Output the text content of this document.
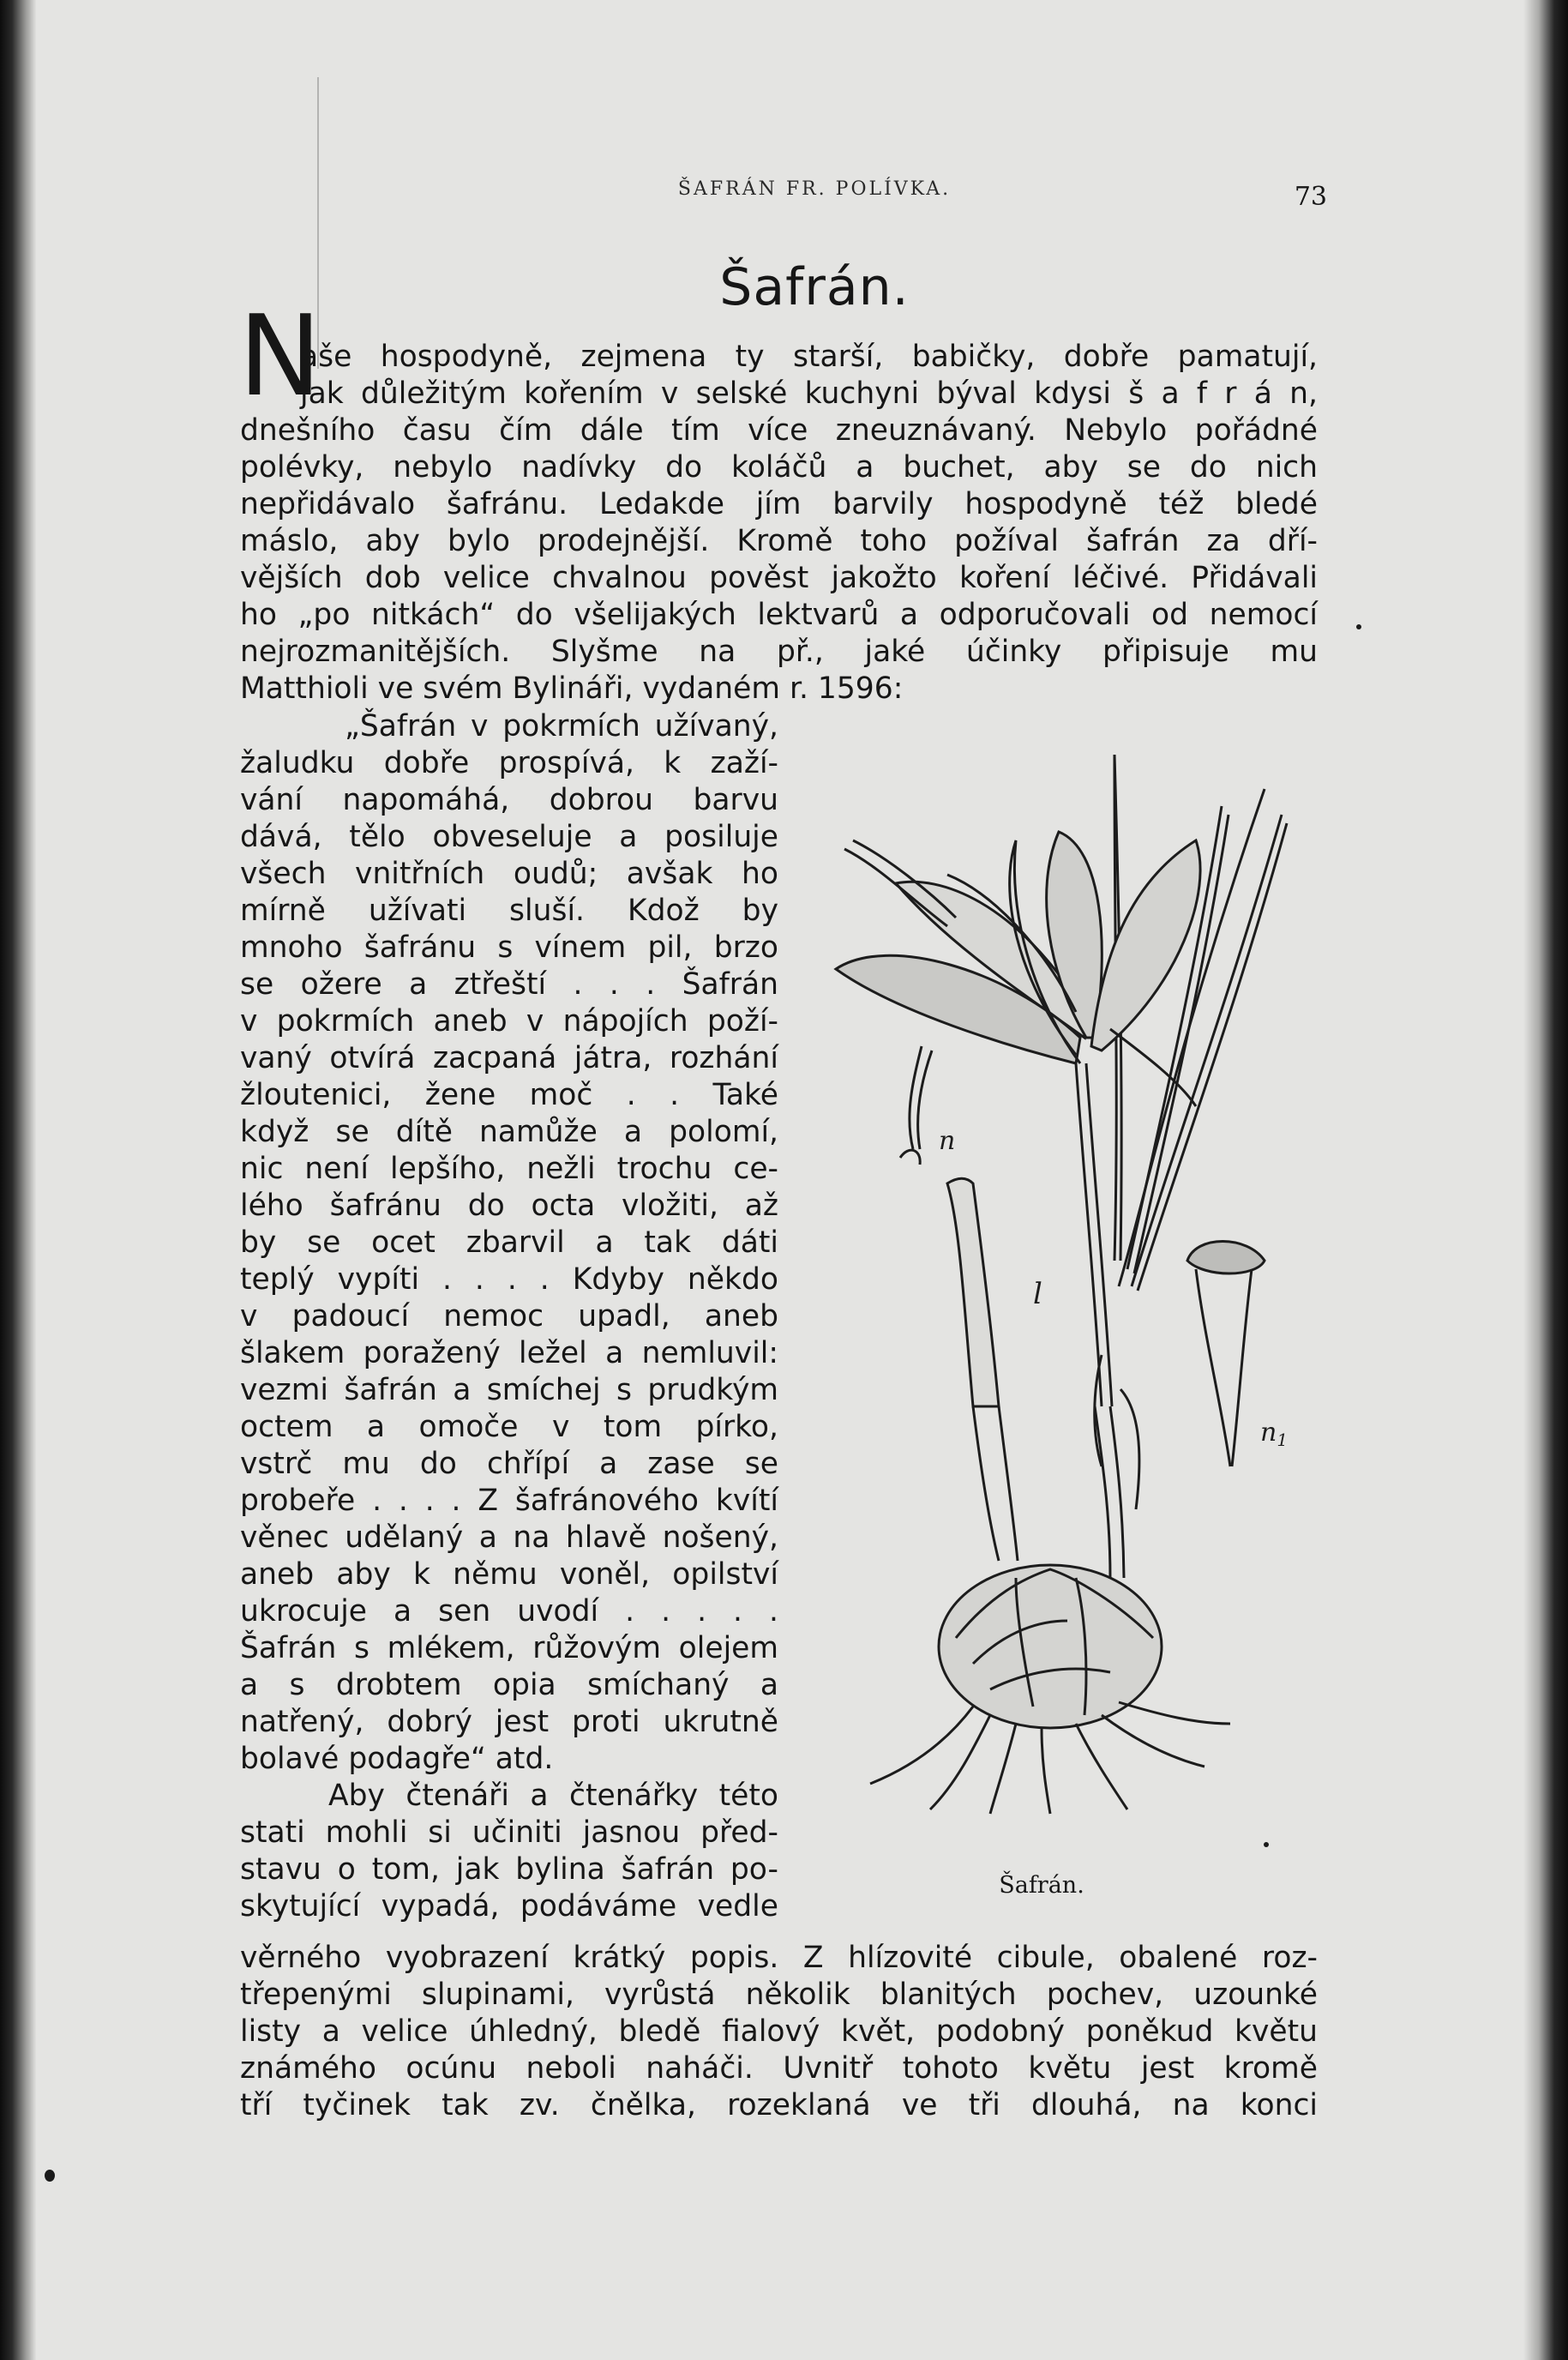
ŠAFRÁN FR. POLÍVKA.	73
Šafrán.
N
aše hospodyně, zejmena ty starší, babičky, dobře pamatují,
jak důležitým kořením v selské kuchyni býval kdysi š a f r á n,
dnešního času čím dále tím více zneuznávaný. Nebylo pořádné
polévky, nebylo nadívky do koláčů a buchet, aby se do nich
nepřidávalo šafránu. Ledakde jím barvily hospodyně též bledé
máslo, aby bylo prodejnější. Kromě toho požíval šafrán za dří-
vějších dob velice chvalnou pověst jakožto koření léčivé. Přidávali
ho „po nitkách“ do všelijakých lektvarů a odporučovali od nemocí
nejrozmanitějších. Slyšme na př., jaké účinky připisuje mu
Matthioli ve svém Bylináři, vydaném r. 1596:
„Šafrán v pokrmích užívaný,
žaludku dobře prospívá, k zaží-
vání napomáhá, dobrou barvu
dává, tělo obveseluje a posiluje
všech vnitřních oudů; avšak ho
mírně užívati sluší. Kdož by
mnoho šafránu s vínem pil, brzo
se ožere a ztřeští . . . Šafrán
v pokrmích aneb v nápojích poží-
vaný otvírá zacpaná játra, rozhání
žloutenici, žene moč . . Také
když se dítě namůže a polomí,
nic není lepšího, nežli trochu ce-
lého šafránu do octa vložiti, až
by se ocet zbarvil a tak dáti
teplý vypíti . . . . Kdyby někdo
v padoucí nemoc upadl, aneb
šlakem poražený ležel a nemluvil:
vezmi šafrán a smíchej s prudkým
octem a omoče v tom pírko,
vstrč mu do chřípí a zase se
probeře . . . . Z šafránového kvítí
věnec udělaný a na hlavě nošený,
aneb aby k němu voněl, opilství
ukrocuje a sen uvodí . . . . .
Šafrán s mlékem, růžovým olejem
a s drobtem opia smíchaný a
natřený, dobrý jest proti ukrutně
bolavé podagře“ atd.
Aby čtenáři a čtenářky této
stati mohli si učiniti jasnou před-
stavu o tom, jak bylina šafrán po-
skytující vypadá, podáváme vedle
n
l
$n_1$
Šafrán.
věrného vyobrazení krátký popis. Z hlízovité cibule, obalené roz-
třepenými slupinami, vyrůstá několik blanitých pochev, uzounké
listy a velice úhledný, bledě fialový květ, podobný poněkud květu
známého ocúnu neboli naháči. Uvnitř tohoto květu jest kromě
tří tyčinek tak zv. čnělka, rozeklaná ve tři dlouhá, na konci
